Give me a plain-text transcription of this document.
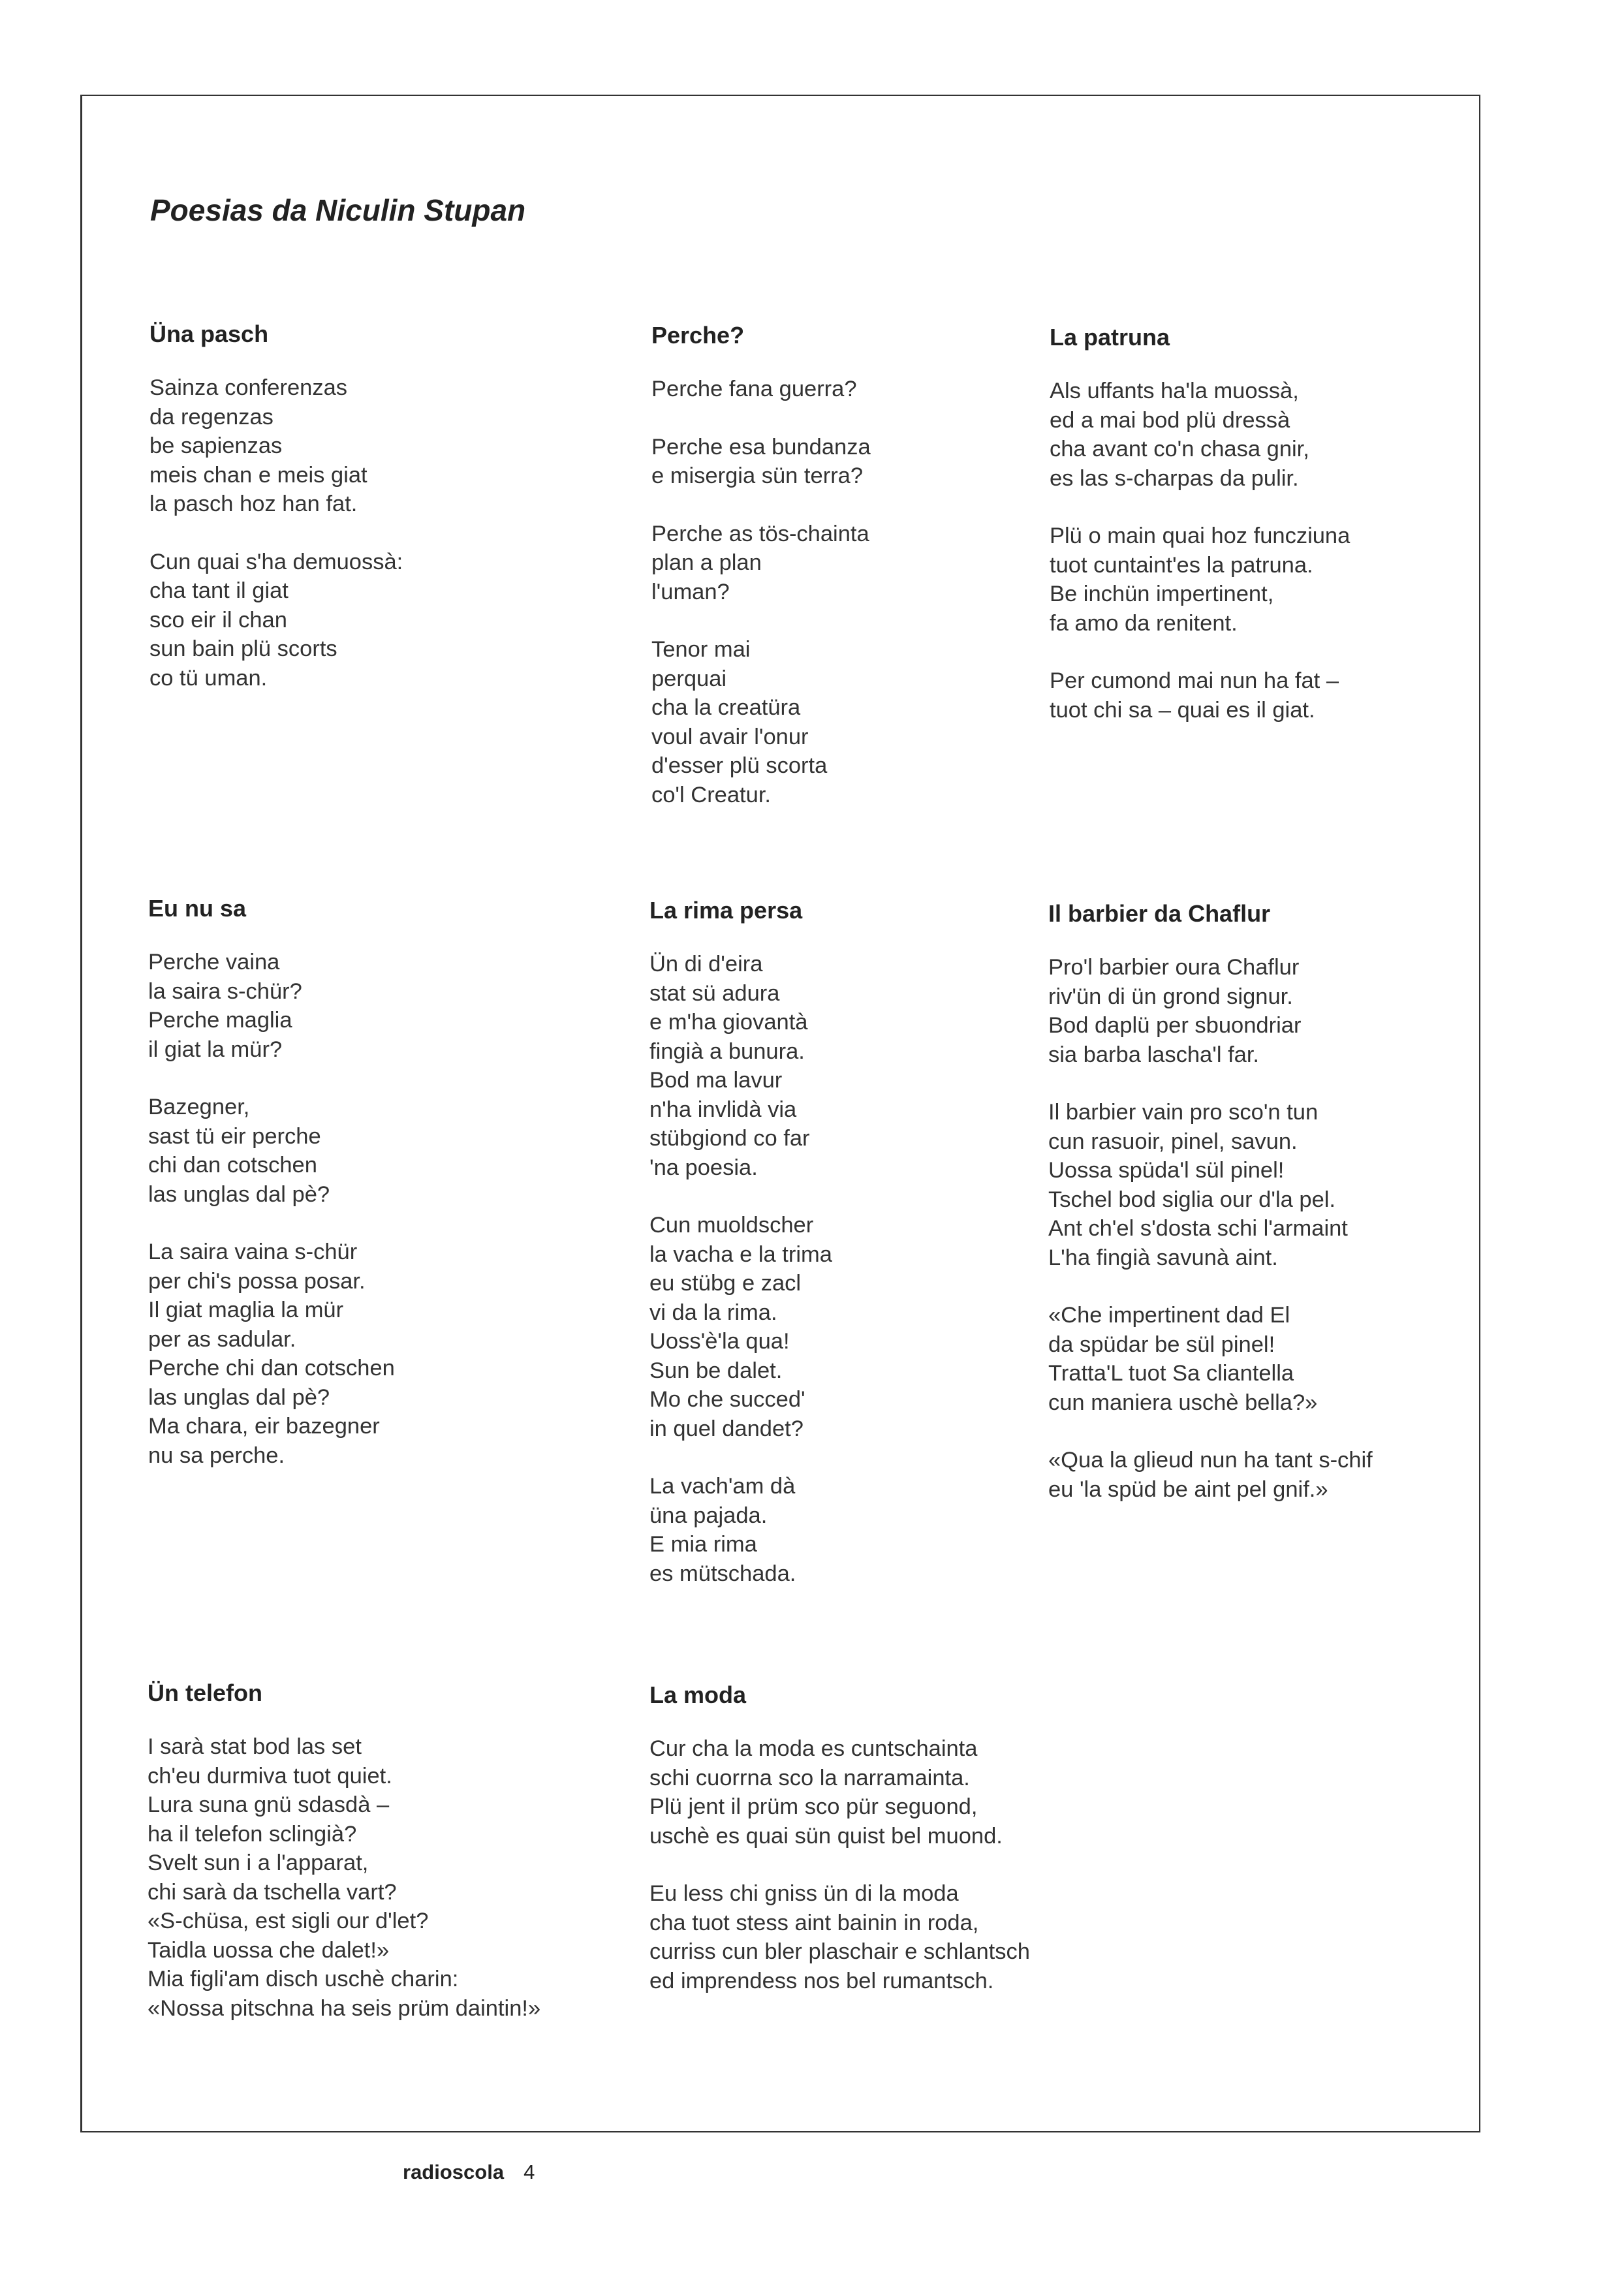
Poesias da Niculin Stupan
Üna pasch
Sainza conferenzas
da regenzas
be sapienzas
meis chan e meis giat
la pasch hoz han fat.
Cun quai s'ha demuossà:
cha tant il giat
sco eir il chan
sun bain plü scorts
co tü uman.
Perche?
Perche fana guerra?
Perche esa bundanza
e misergia sün terra?
Perche as tös-chainta
plan a plan
l'uman?
Tenor mai
perquai
cha la creatüra
voul avair l'onur
d'esser plü scorta
co'l Creatur.
La patruna
Als uffants ha'la muossà,
ed a mai bod plü dressà
cha avant co'n chasa gnir,
es las s-charpas da pulir.
Plü o main quai hoz funcziuna
tuot cuntaint'es la patruna.
Be inchün impertinent,
fa amo da renitent.
Per cumond mai nun ha fat –
tuot chi sa – quai es il giat.
Eu nu sa
Perche vaina
la saira s-chür?
Perche maglia
il giat la mür?
Bazegner,
sast tü eir perche
chi dan cotschen
las unglas dal pè?
La saira vaina s-chür
per chi's possa posar.
Il giat maglia la mür
per as sadular.
Perche chi dan cotschen
las unglas dal pè?
Ma chara, eir bazegner
nu sa perche.
La rima persa
Ün di d'eira
stat sü adura
e m'ha giovantà
fingià a bunura.
Bod ma lavur
n'ha invlidà via
stübgiond co far
'na poesia.
Cun muoldscher
la vacha e la trima
eu stübg e zacl
vi da la rima.
Uoss'è'la qua!
Sun be dalet.
Mo che succed'
in quel dandet?
La vach'am dà
üna pajada.
E mia rima
es mütschada.
Il barbier da Chaflur
Pro'l barbier oura Chaflur
riv'ün di ün grond signur.
Bod daplü per sbuondriar
sia barba lascha'l far.
Il barbier vain pro sco'n tun
cun rasuoir, pinel, savun.
Uossa spüda'l sül pinel!
Tschel bod siglia our d'la pel.
Ant ch'el s'dosta schi l'armaint
L'ha fingià savunà aint.
«Che impertinent dad El
da spüdar be sül pinel!
Tratta'L tuot Sa cliantella
cun maniera uschè bella?»
«Qua la glieud nun ha tant s-chif
eu 'la spüd be aint pel gnif.»
Ün telefon
I sarà stat bod las set
ch'eu durmiva tuot quiet.
Lura suna gnü sdasdà –
ha il telefon sclingià?
Svelt sun i a l'apparat,
chi sarà da tschella vart?
«S-chüsa, est sigli our d'let?
Taidla uossa che dalet!»
Mia figli'am disch uschè charin:
«Nossa pitschna ha seis prüm daintin!»
La moda
Cur cha la moda es cuntschainta
schi cuorrna sco la narramainta.
Plü jent il prüm sco pür seguond,
uschè es quai sün quist bel muond.
Eu less chi gniss ün di la moda
cha tuot stess aint bainin in roda,
curriss cun bler plaschair e schlantsch
ed imprendess nos bel rumantsch.
radioscola 4
